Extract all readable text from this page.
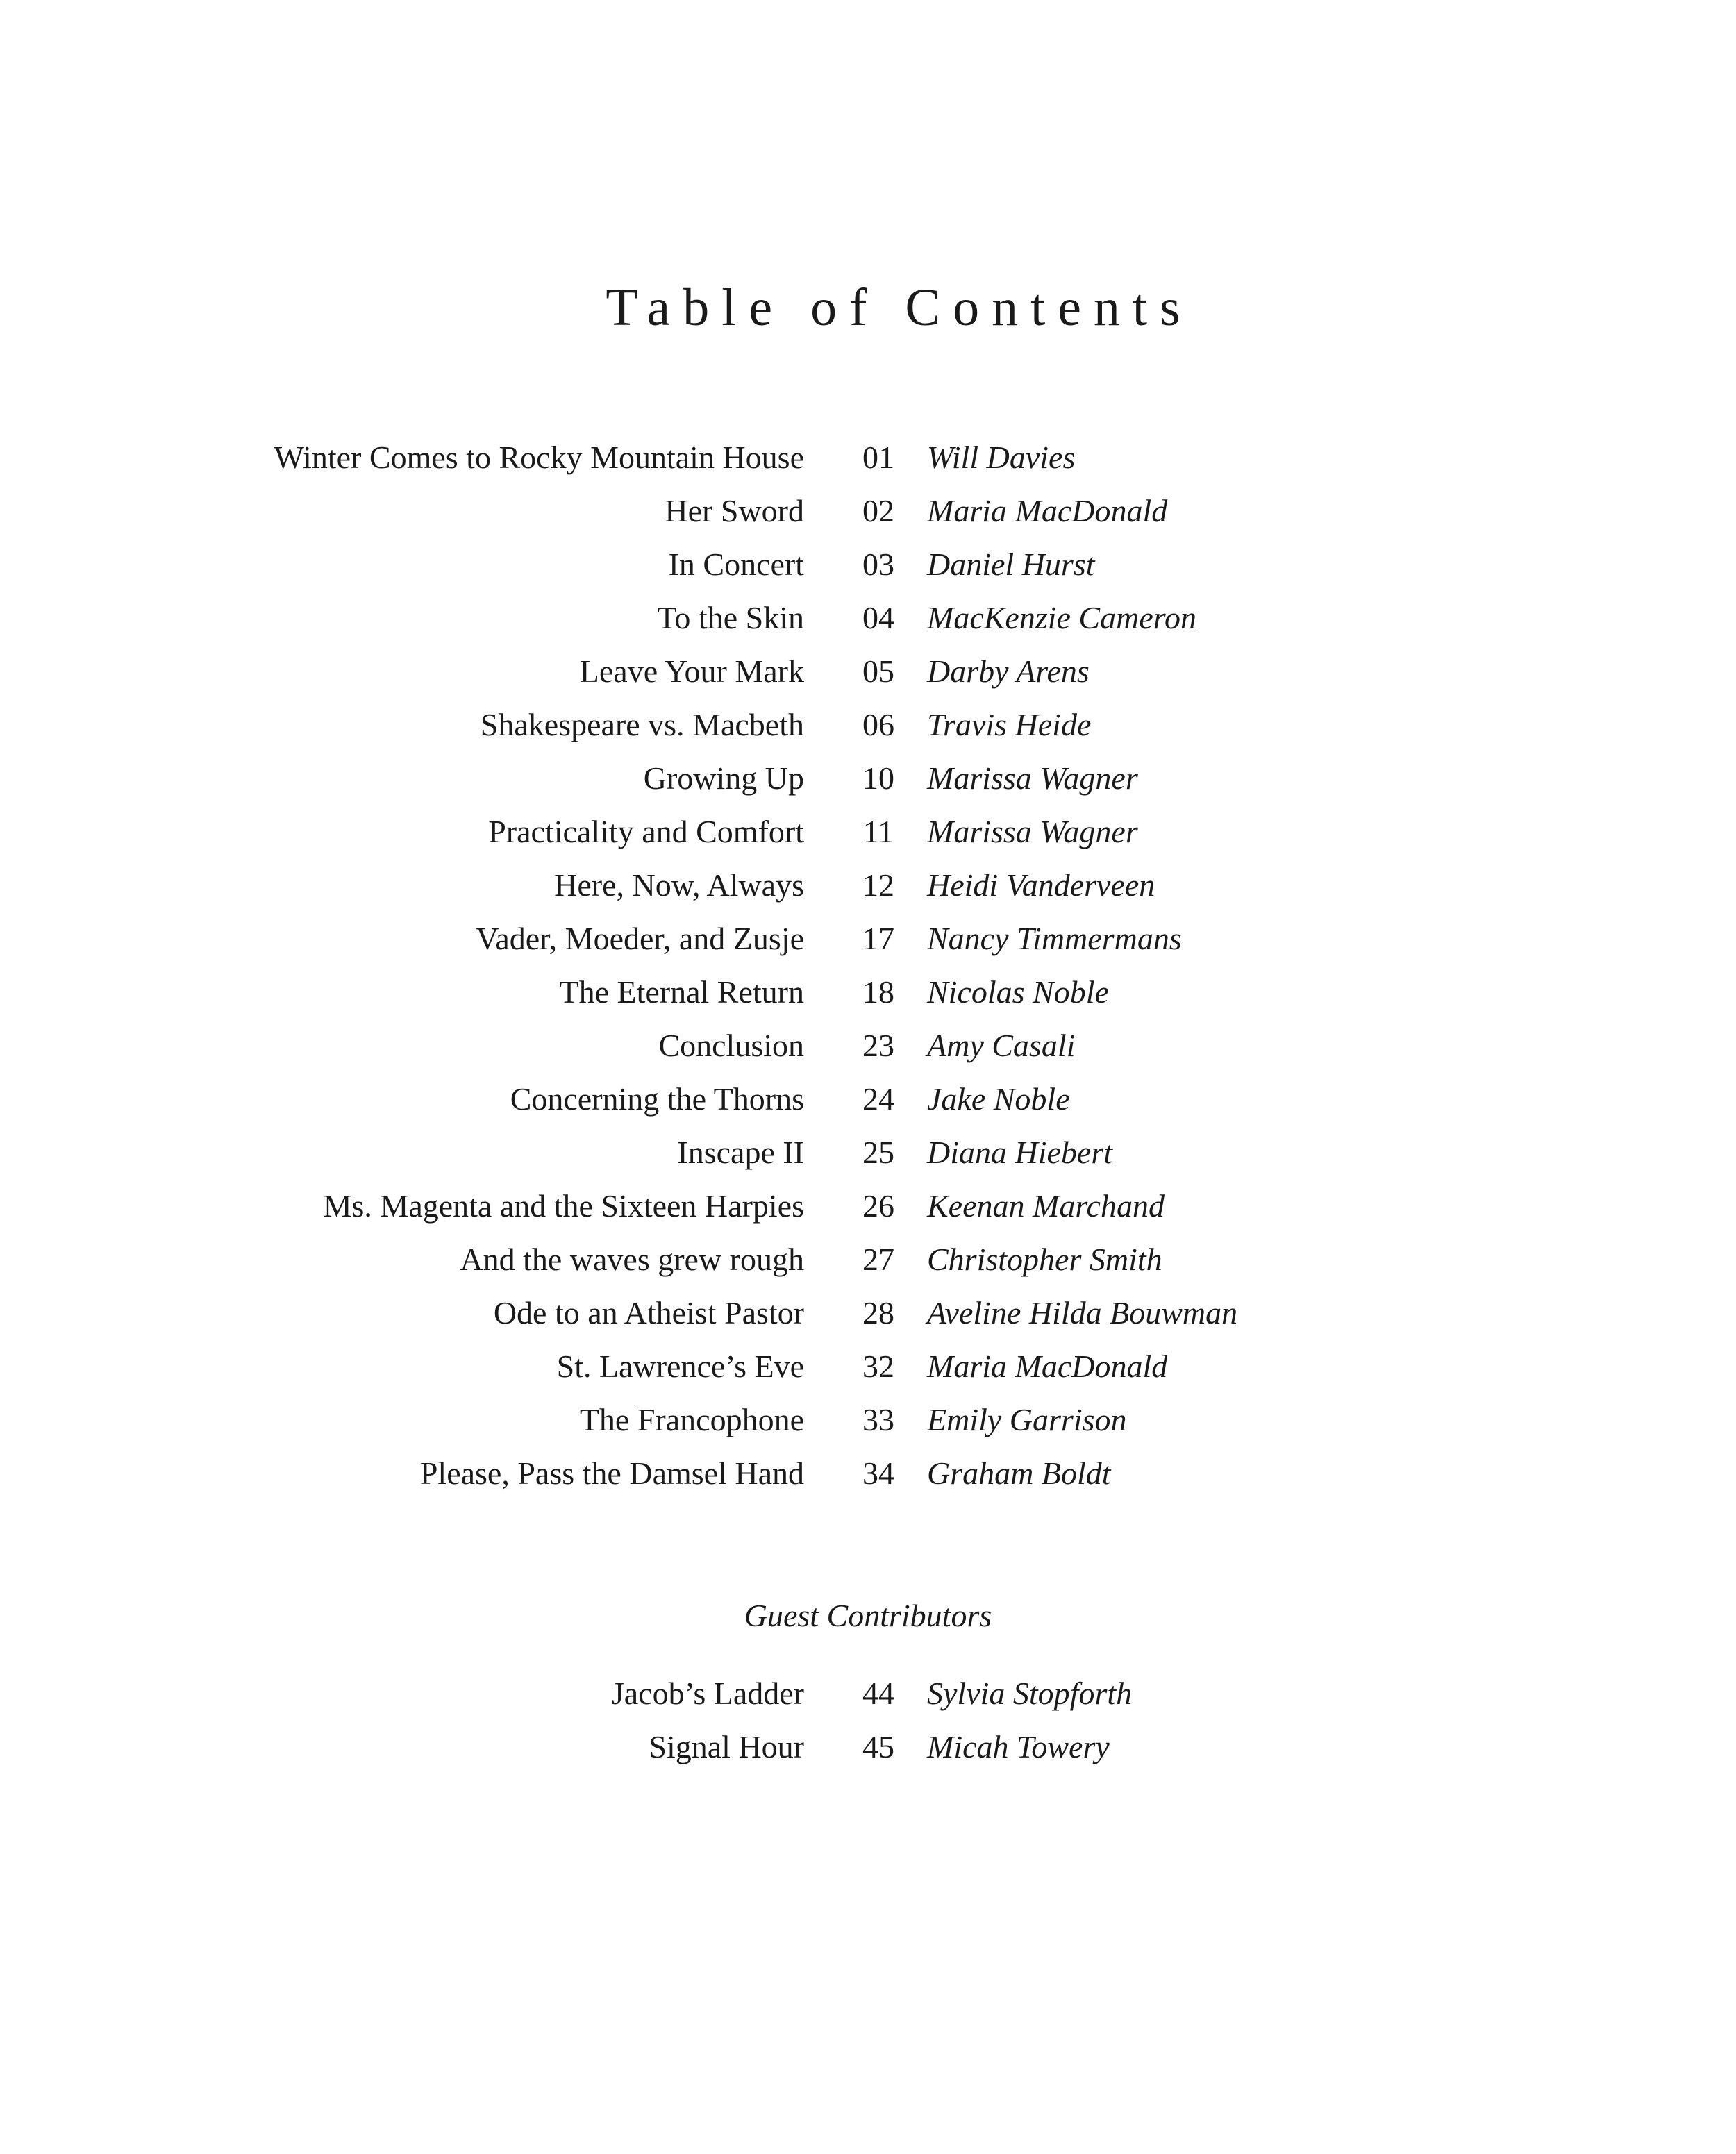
Table of Contents
Winter Comes to Rocky Mountain House	01	Will Davies
Her Sword	02	Maria MacDonald
In Concert	03	Daniel Hurst
To the Skin	04	MacKenzie Cameron
Leave Your Mark	05	Darby Arens
Shakespeare vs. Macbeth	06	Travis Heide
Growing Up	10	Marissa Wagner
Practicality and Comfort	11	Marissa Wagner
Here, Now, Always	12	Heidi Vanderveen
Vader, Moeder, and Zusje	17	Nancy Timmermans
The Eternal Return	18	Nicolas Noble
Conclusion	23	Amy Casali
Concerning the Thorns	24	Jake Noble
Inscape II	25	Diana Hiebert
Ms. Magenta and the Sixteen Harpies	26	Keenan Marchand
And the waves grew rough	27	Christopher Smith
Ode to an Atheist Pastor	28	Aveline Hilda Bouwman
St. Lawrence’s Eve	32	Maria MacDonald
The Francophone	33	Emily Garrison
Please, Pass the Damsel Hand	34	Graham Boldt
Guest Contributors
Jacob’s Ladder	44	Sylvia Stopforth
Signal Hour	45	Micah Towery
